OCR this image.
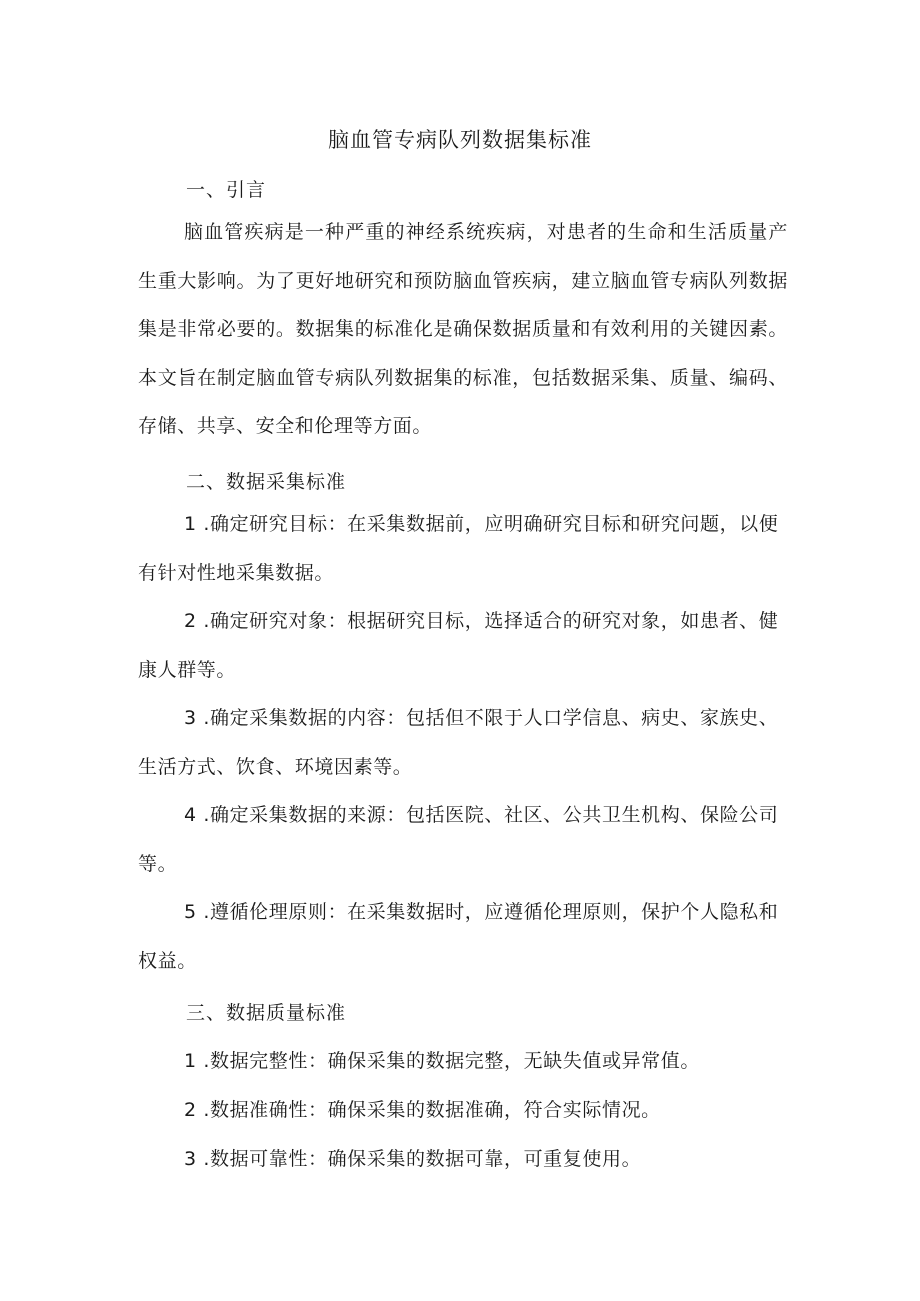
脑血管专病队列数据集标准
一、引言

脑血管疾病是一种严重的神经系统疾病，对患者的生命和生活质量产生重大影响。为了更好地研究和预防脑血管疾病，建立脑血管专病队列数据集是非常必要的。数据集的标准化是确保数据质量和有效利用的关键因素。本文旨在制定脑血管专病队列数据集的标准，包括数据采集、质量、编码、存储、共享、安全和伦理等方面。

二、数据采集标准

1 .确定研究目标：在采集数据前，应明确研究目标和研究问题，以便有针对性地采集数据。

2 .确定研究对象：根据研究目标，选择适合的研究对象，如患者、健康人群等。

3 .确定采集数据的内容：包括但不限于人口学信息、病史、家族史、生活方式、饮食、环境因素等。

4 .确定采集数据的来源：包括医院、社区、公共卫生机构、保险公司等。

5 .遵循伦理原则：在采集数据时，应遵循伦理原则，保护个人隐私和权益。

三、数据质量标准

1 .数据完整性：确保采集的数据完整，无缺失值或异常值。

2 .数据准确性：确保采集的数据准确，符合实际情况。

3 .数据可靠性：确保采集的数据可靠，可重复使用。
